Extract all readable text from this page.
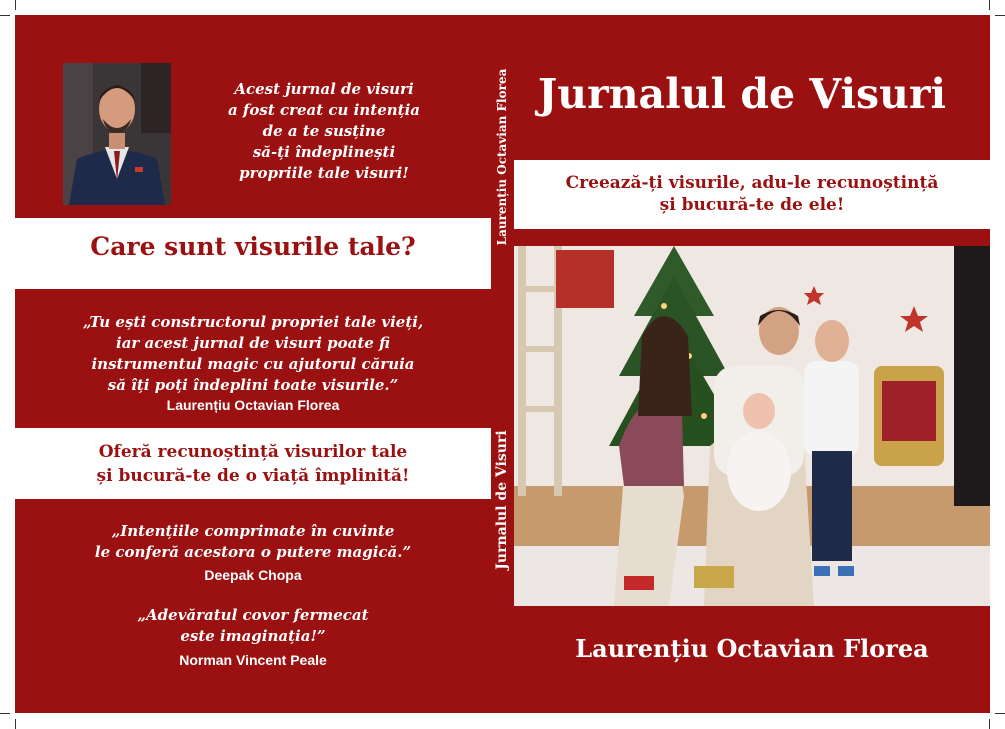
Acest jurnal de visuri
a fost creat cu intenția
de a te susține
să-ți îndeplinești
propriile tale visuri!
Care sunt visurile tale?
„Tu ești constructorul propriei tale vieți,
iar acest jurnal de visuri poate fi
instrumentul magic cu ajutorul căruia
să îți poți îndeplini toate visurile.”
Laurențiu Octavian Florea
Oferă recunoștință visurilor tale
și bucură-te de o viață împlinită!
„Intențiile comprimate în cuvinte
le conferă acestora o putere magică.”
Deepak Chopa
„Adevăratul covor fermecat
este imaginația!”
Norman Vincent Peale
Laurențiu Octavian Florea
Jurnalul de Visuri
Jurnalul de Visuri
Creează-ți visurile, adu-le recunoștință
și bucură-te de ele!
Laurențiu Octavian Florea
